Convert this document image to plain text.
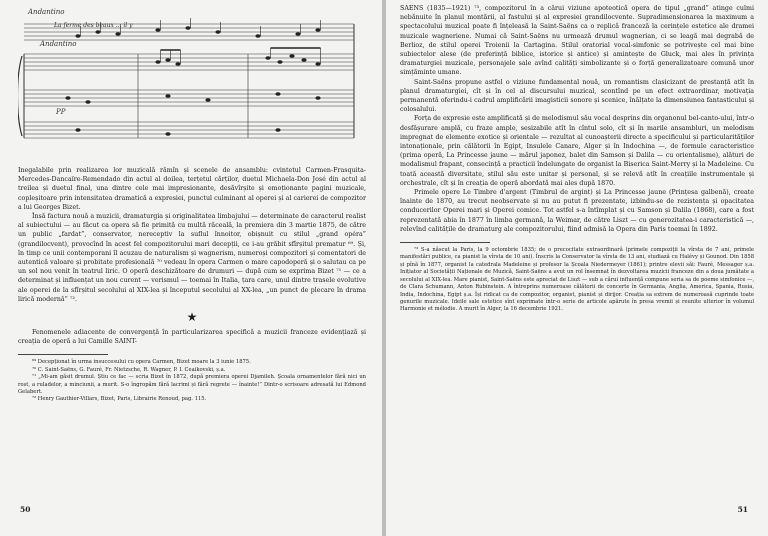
Andantino
La ferme des beaux ... il y
Andantino
PP

Inegalabile prin realizarea lor muzicală rămîn și scenele de ansamblu: cvintetul Carmen-Frasquita-Mercedes-Dancaïre-Remendado din actul al doilea, terțetul cărților, duetul Michaela-Don José din actul al treilea și duetul final, una dintre cele mai impresionante, desăvîrșite și emoționante pagini muzicale, copleșitoare prin intensitatea dramatică a expresiei, punctul culminant al operei și al carierei de compozitor a lui Georges Bizet.

Însă factura nouă a muzicii, dramaturgia și originalitatea limbajului — determinate de caracterul realist al subiectului — au făcut ca opera să fie primită cu multă răceală, la premiera din 3 martie 1875, de către un public „fardat”, conservator, nereceptiv la suflul înnoitor, obișnuit cu stilul „grand opéra” (grandilocvent), provocînd în acest fel compozitorului mari decepții, ce i-au grăbit sfîrșitul prematur ⁶⁹. Și, în timp ce unii contemporani îl acuzau de naturalism și wagnerism, numeroși compozitori și comentatori de autentică valoare și probitate profesională ⁷⁰ vedeau în opera Carmen o mare capodoperă și o salutau ca pe un sol nou venit în teatrul liric. O operă deschizătoare de drumuri — după cum se exprima Bizet ⁷¹ — ce a determinat și influențat un nou curent — verismul — toemai în Italia, țara care, unul dintre trasele evolutive ale operei de la sfîrșitul secolului al XIX-lea și începutul secolului al XX-lea, „un punct de plecare în drama lirică modernă” ⁷².

★

Fenomenele adiacente de convergență în particularizarea specifică a muzicii franceze evidențiază și creația de operă a lui Camille SAINT-

⁶⁹ Decepționat în urma insuccesului cu opera Carmen, Bizet moare la 3 iunie 1875.

⁷⁰ C. Saint-Saëns, G. Fauré, Fr. Nietzsche, R. Wagner, P. I. Ceaikovski, ș.a.

⁷¹ „Mi-am găsit drumul. Știu ce fac — scria Bizet în 1872, după premiera operei Djamileh. Școala ornamentelor fără nici un rost, a ruladelor, a minciunii, a murit. S-o îngropăm fără lacrimi și fără regrete — înainte!” Dintr-o scrisoare adresată lui Edmond Gelabert.

⁷² Henry Gauthier-Villars, Bizet, Paris, Librairie Renoud, pag. 115.

50

SAENS (1835—1921) ⁷³, compozitorul în a cărui viziune apoteotică opera de tipul „grand” atinge culmi nebănuite în planul montării, al fastului și al expresiei grandilocvente. Supradimensionarea la maximum a spectacolului muzical poate fi înțeleasă la Saint-Saëns ca o replică franceză la cerințele estetice ale dramei muzicale wagneriene. Numai că Saint-Saëns nu urmează drumul wagnerian, ci se leagă mai degrabă de Berlioz, de stilul operei Troienii la Cartagina. Stilul oratorial vocal-simfonic se potrivește cel mai bine subiectelor alese (de preferință biblice, istorice și antice) și amintește de Gluck, mai ales în privința dramaturgiei muzicale, personajele sale avînd calități simbolizante și o forță generalizatoare comună unor simțăminte umane.

Saint-Saëns propune astfel o viziune fundamental nouă, un romantism clasicizant de prestanță atît în planul dramaturgiei, cît și în cel al discursului muzical, scontînd pe un efect extraordinar, motivația permanentă oferindu-i cadrul amplificării imagisticii sonore și scenice, înălțate la dimensiunea fantasticului și colosalului.

Forța de expresie este amplificată și de melodismul său vocal desprins din organonul bel-canto-ului, într-o desfășurare amplă, cu fraze ample, sesizabile atît în cîntul solo, cît și în marile ansambluri, un melodism impregnat de elemente exotice și orientale — rezultat al cunoașterii directe a specificului și particularităților intonaționale, prin călătorii în Egipt, Insulele Canare, Alger și în Indochina —, de formule caracteristice (prima operă, La Princesse jaune — mărul japonez, balet din Samson și Dalila — cu orientalisme), alături de modalismul frapant, consecință a practicii îndelungate de organist la Biserica Saint-Merry și la Madeleine. Cu toată această diversitate, stilul său este unitar și personal, și se relevă atît în creațiile instrumentale și orchestrale, cît și în creația de operă abordată mai ales după 1870.

Primele opere Le Timbre d'argent (Timbrul de argint) și La Princesse jaune (Prințesa galbenă), create înainte de 1870, au trecut neobservate și nu au putut fi prezentate, izbindu-se de rezistența și opacitatea conducerilor Operei mari și Operei comice. Tot astfel s-a întîmplat și cu Samson și Dalila (1868), care a fost reprezentată abia în 1877 în limba germană, la Weimar, de către Liszt — cu generozitatea-i caracteristică —, relevînd calitățile de dramaturg ale compozitorului, fiind admisă la Opera din Paris toemai în 1892.

⁷³ S-a născut la Paris, la 9 octombrie 1835; de o precocitate extraordinară (primele compoziții la vîrsta de 7 ani, primele manifestări publice, ca pianist la vîrsta de 10 ani). Înscris la Conservator la vîrsta de 13 ani, studiază cu Halévy și Gounod. Din 1858 și pînă în 1877, organist la catedrala Madeleine și profesor la Școala Niedermeyer (1861); printre elevii săi: Fauré, Messager ș.a. Inițiator al Societății Naționale de Muzică, Saint-Saëns a avut un rol însemnat în dezvoltarea muzicii franceze din a doua jumătate a secolului al XIX-lea. Mare pianist, Saint-Saëns este apreciat de Liszt — sub a cărui influență compune seria sa de poeme simfonice —, de Clara Schumann, Anton Rubinstein. A întreprins numeroase călătorii de concerte în Germania, Anglia, America, Spania, Rusia, India, Indochina, Egipt ș.a. Își ridicat ca de compozitor, organist, pianist și dirijor. Creația sa extrem de numeroasă cuprinde toate genurile muzicale. Ideile sale estetice sînt exprimate într-o serie de articole apărute în presa vremii și reunite ulterior în volumul Harmonie et mélodie. A murit în Alger, la 16 decembrie 1921.

51
